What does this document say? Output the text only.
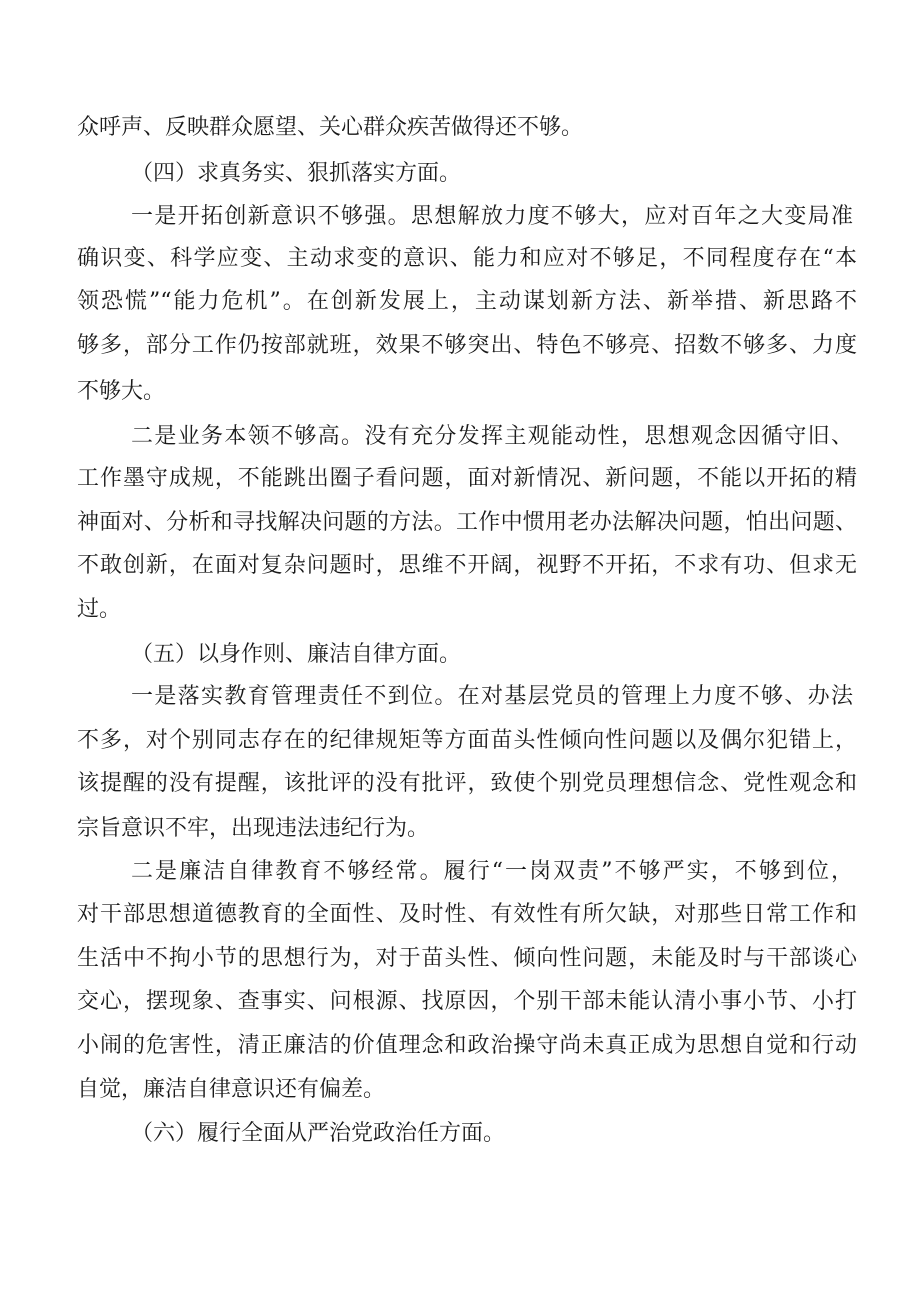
众呼声、反映群众愿望、关心群众疾苦做得还不够。
（四）求真务实、狠抓落实方面。
一是开拓创新意识不够强。思想解放力度不够大，应对百年之大变局准
确识变、科学应变、主动求变的意识、能力和应对不够足，不同程度存在“本
领恐慌”“能力危机”。在创新发展上，主动谋划新方法、新举措、新思路不
够多，部分工作仍按部就班，效果不够突出、特色不够亮、招数不够多、力度
不够大。
二是业务本领不够高。没有充分发挥主观能动性，思想观念因循守旧、
工作墨守成规，不能跳出圈子看问题，面对新情况、新问题，不能以开拓的精
神面对、分析和寻找解决问题的方法。工作中惯用老办法解决问题，怕出问题、
不敢创新，在面对复杂问题时，思维不开阔，视野不开拓，不求有功、但求无
过。
（五）以身作则、廉洁自律方面。
一是落实教育管理责任不到位。在对基层党员的管理上力度不够、办法
不多，对个别同志存在的纪律规矩等方面苗头性倾向性问题以及偶尔犯错上，
该提醒的没有提醒，该批评的没有批评，致使个别党员理想信念、党性观念和
宗旨意识不牢，出现违法违纪行为。
二是廉洁自律教育不够经常。履行“一岗双责”不够严实，不够到位，
对干部思想道德教育的全面性、及时性、有效性有所欠缺，对那些日常工作和
生活中不拘小节的思想行为，对于苗头性、倾向性问题，未能及时与干部谈心
交心，摆现象、查事实、问根源、找原因，个别干部未能认清小事小节、小打
小闹的危害性，清正廉洁的价值理念和政治操守尚未真正成为思想自觉和行动
自觉，廉洁自律意识还有偏差。
（六）履行全面从严治党政治任方面。
